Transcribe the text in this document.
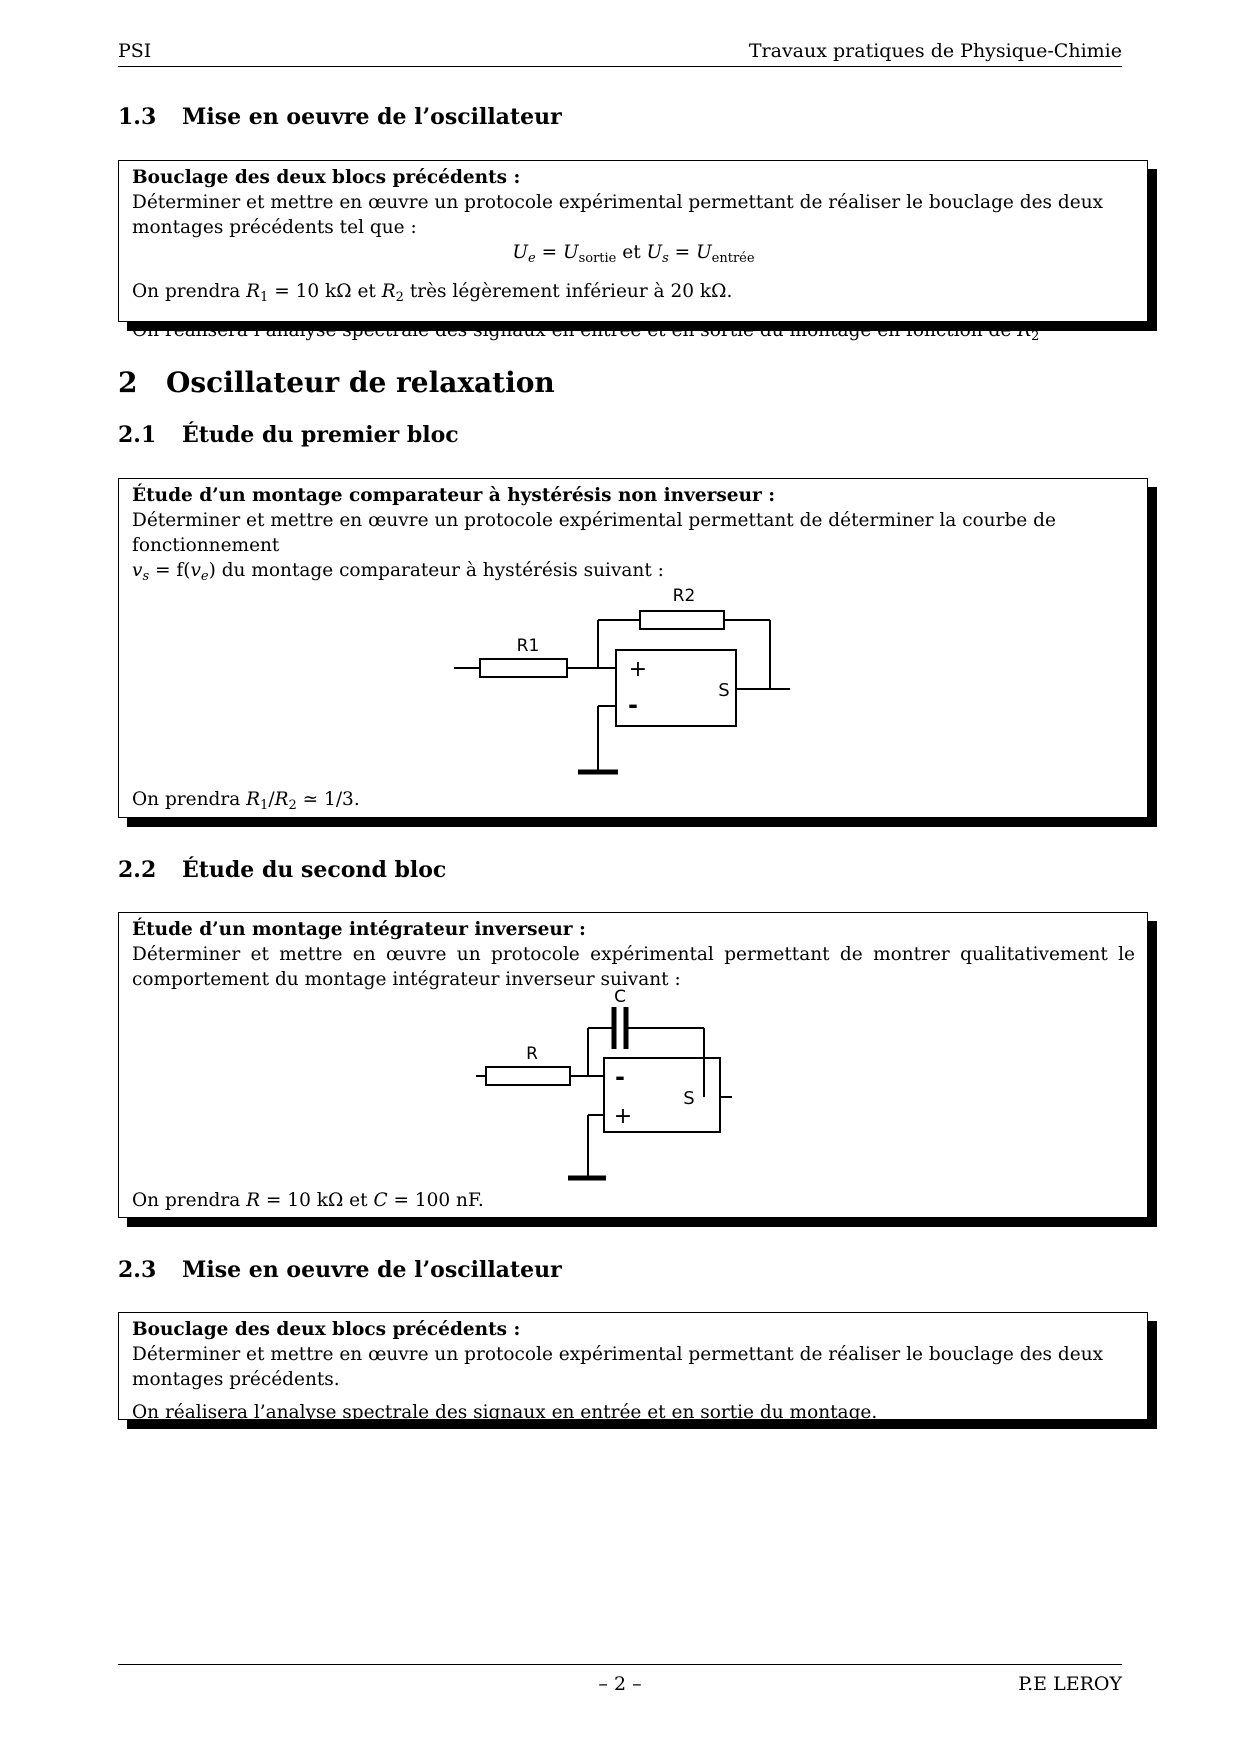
PSI	Travaux pratiques de Physique-Chimie
1.3 Mise en oeuvre de l’oscillateur
Bouclage des deux blocs précédents :

Déterminer et mettre en œuvre un protocole expérimental permettant de réaliser le bouclage des deux montages précédents tel que :

$U_e = U_{sortie}$ et $U_s = U_{entrée}$

On prendra $R_1 = 10$ kΩ et $R_2$ très légèrement inférieur à 20 kΩ.

On réalisera l’analyse spectrale des signaux en entrée et en sortie du montage en fonction de $R_2$

2 Oscillateur de relaxation
2.1 Étude du premier bloc
Étude d’un montage comparateur à hystérésis non inverseur :

Déterminer et mettre en œuvre un protocole expérimental permettant de déterminer la courbe de fonctionnement

$v_s = f(v_e)$ du montage comparateur à hystérésis suivant :

On prendra $R_1/R_2$ ≃ 1/3.

R1
R2
+
-
S
2.2 Étude du second bloc
Étude d’un montage intégrateur inverseur :

Déterminer et mettre en œuvre un protocole expérimental permettant de montrer qualitativement le comportement du montage intégrateur inverseur suivant :

On prendra R = 10 kΩ et C = 100 nF.

R
C
-
+
S
2.3 Mise en oeuvre de l’oscillateur
Bouclage des deux blocs précédents :

Déterminer et mettre en œuvre un protocole expérimental permettant de réaliser le bouclage des deux montages précédents.

On réalisera l’analyse spectrale des signaux en entrée et en sortie du montage.

– 2 –	P.E LEROY
